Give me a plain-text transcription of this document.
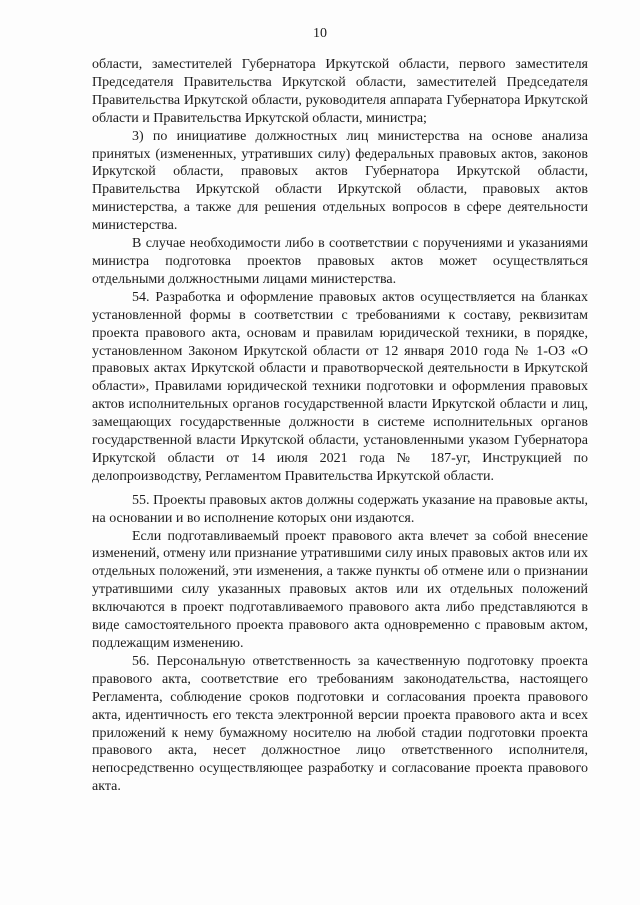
10

области, заместителей Губернатора Иркутской области, первого заместителя Председателя Правительства Иркутской области, заместителей Председателя Правительства Иркутской области, руководителя аппарата Губернатора Иркутской области и Правительства Иркутской области, министра;

3) по инициативе должностных лиц министерства на основе анализа принятых (измененных, утративших силу) федеральных правовых актов, законов Иркутской области, правовых актов Губернатора Иркутской области, Правительства Иркутской области Иркутской области, правовых актов министерства, а также для решения отдельных вопросов в сфере деятельности министерства.

В случае необходимости либо в соответствии с поручениями и указаниями министра подготовка проектов правовых актов может осуществляться отдельными должностными лицами министерства.

54. Разработка и оформление правовых актов осуществляется на бланках установленной формы в соответствии с требованиями к составу, реквизитам проекта правового акта, основам и правилам юридической техники, в порядке, установленном Законом Иркутской области от 12 января 2010 года № 1-ОЗ «О правовых актах Иркутской области и правотворческой деятельности в Иркутской области», Правилами юридической техники подготовки и оформления правовых актов исполнительных органов государственной власти Иркутской области и лиц, замещающих государственные должности в системе исполнительных органов государственной власти Иркутской области, установленными указом Губернатора Иркутской области от 14 июля 2021 года № 187-уг, Инструкцией по делопроизводству, Регламентом Правительства Иркутской области.

55. Проекты правовых актов должны содержать указание на правовые акты, на основании и во исполнение которых они издаются.

Если подготавливаемый проект правового акта влечет за собой внесение изменений, отмену или признание утратившими силу иных правовых актов или их отдельных положений, эти изменения, а также пункты об отмене или о признании утратившими силу указанных правовых актов или их отдельных положений включаются в проект подготавливаемого правового акта либо представляются в виде самостоятельного проекта правового акта одновременно с правовым актом, подлежащим изменению.

56. Персональную ответственность за качественную подготовку проекта правового акта, соответствие его требованиям законодательства, настоящего Регламента, соблюдение сроков подготовки и согласования проекта правового акта, идентичность его текста электронной версии проекта правового акта и всех приложений к нему бумажному носителю на любой стадии подготовки проекта правового акта, несет должностное лицо ответственного исполнителя, непосредственно осуществляющее разработку и согласование проекта правового акта.
